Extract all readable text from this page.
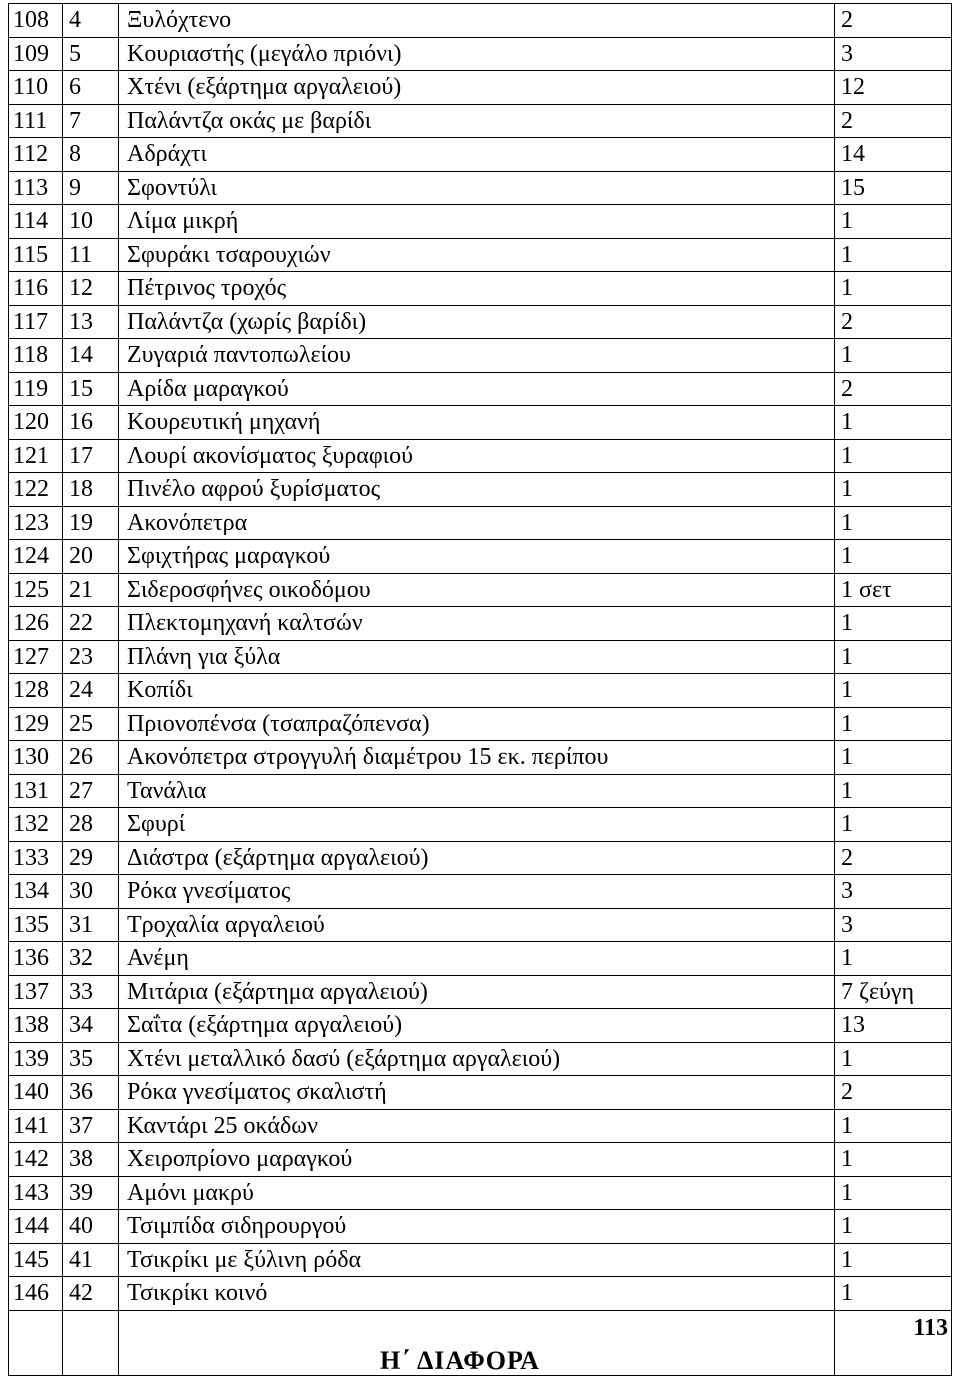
108	4	Ξυλόχτενο	2
109	5	Κουριαστής (μεγάλο πριόνι)	3
110	6	Χτένι (εξάρτημα αργαλειού)	12
111	7	Παλάντζα οκάς με βαρίδι	2
112	8	Αδράχτι	14
113	9	Σφοντύλι	15
114	10	Λίμα μικρή	1
115	11	Σφυράκι τσαρουχιών	1
116	12	Πέτρινος τροχός	1
117	13	Παλάντζα (χωρίς βαρίδι)	2
118	14	Ζυγαριά παντοπωλείου	1
119	15	Αρίδα μαραγκού	2
120	16	Κουρευτική μηχανή	1
121	17	Λουρί ακονίσματος ξυραφιού	1
122	18	Πινέλο αφρού ξυρίσματος	1
123	19	Ακονόπετρα	1
124	20	Σφιχτήρας μαραγκού	1
125	21	Σιδεροσφήνες οικοδόμου	1 σετ
126	22	Πλεκτομηχανή καλτσών	1
127	23	Πλάνη για ξύλα	1
128	24	Κοπίδι	1
129	25	Πριονοπένσα (τσαπραζόπενσα)	1
130	26	Ακονόπετρα στρογγυλή διαμέτρου 15 εκ. περίπου	1
131	27	Τανάλια	1
132	28	Σφυρί	1
133	29	Διάστρα (εξάρτημα αργαλειού)	2
134	30	Ρόκα γνεσίματος	3
135	31	Τροχαλία αργαλειού	3
136	32	Ανέμη	1
137	33	Μιτάρια (εξάρτημα αργαλειού)	7 ζεύγη
138	34	Σαΐτα (εξάρτημα αργαλειού)	13
139	35	Χτένι μεταλλικό δασύ (εξάρτημα αργαλειού)	1
140	36	Ρόκα γνεσίματος σκαλιστή	2
141	37	Καντάρι 25 οκάδων	1
142	38	Χειροπρίονο μαραγκού	1
143	39	Αμόνι μακρύ	1
144	40	Τσιμπίδα σιδηρουργού	1
145	41	Τσικρίκι με ξύλινη ρόδα	1
146	42	Τσικρίκι κοινό	1

113
Η΄ ΔΙΑΦΟΡΑ
